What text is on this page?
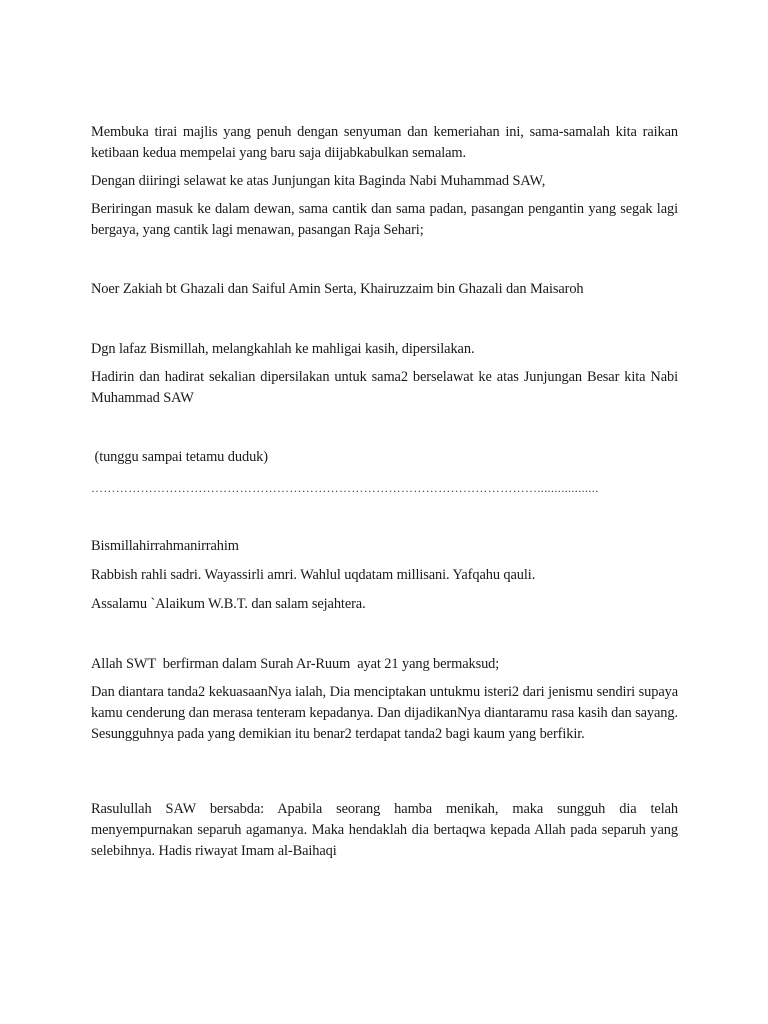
Membuka tirai majlis yang penuh dengan senyuman dan kemeriahan ini, sama-samalah kita raikan ketibaan kedua mempelai yang baru saja diijabkabulkan semalam.

Dengan diiringi selawat ke atas Junjungan kita Baginda Nabi Muhammad SAW,

Beriringan masuk ke dalam dewan, sama cantik dan sama padan, pasangan pengantin yang segak lagi bergaya, yang cantik lagi menawan, pasangan Raja Sehari;

Noer Zakiah bt Ghazali dan Saiful Amin Serta, Khairuzzaim bin Ghazali dan Maisaroh

Dgn lafaz Bismillah, melangkahlah ke mahligai kasih, dipersilakan.

Hadirin dan hadirat sekalian dipersilakan untuk sama2 berselawat ke atas Junjungan Besar kita Nabi Muhammad SAW

(tunggu sampai tetamu duduk)

………………………………………………………………………………………………..................

Bismillahirrahmanirrahim

Rabbish rahli sadri. Wayassirli amri. Wahlul uqdatam millisani. Yafqahu qauli.

Assalamu `Alaikum W.B.T. dan salam sejahtera.

Allah SWT  berfirman dalam Surah Ar-Ruum  ayat 21 yang bermaksud;

Dan diantara tanda2 kekuasaanNya ialah, Dia menciptakan untukmu isteri2 dari jenismu sendiri supaya kamu cenderung dan merasa tenteram kepadanya. Dan dijadikanNya diantaramu rasa kasih dan sayang. Sesungguhnya pada yang demikian itu benar2 terdapat tanda2 bagi kaum yang berfikir.

Rasulullah SAW bersabda: Apabila seorang hamba menikah, maka sungguh dia telah menyempurnakan separuh agamanya. Maka hendaklah dia bertaqwa kepada Allah pada separuh yang selebihnya. Hadis riwayat Imam al-Baihaqi
